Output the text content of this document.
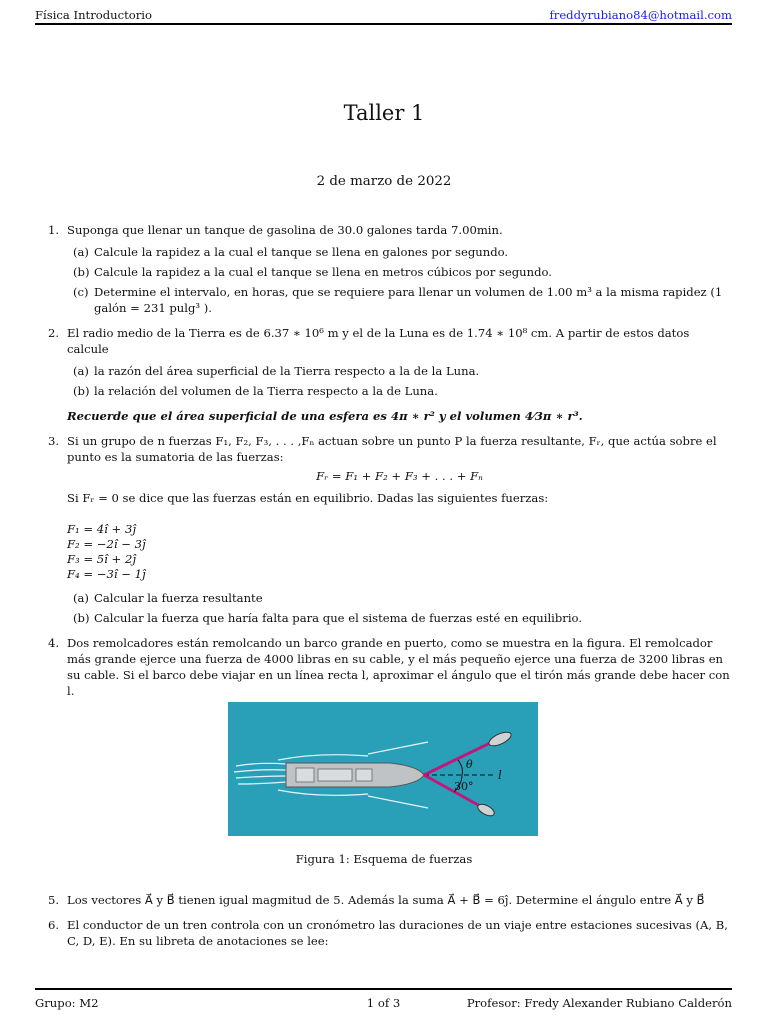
Física Introductorio	freddyrubiano84@hotmail.com
Taller 1
2 de marzo de 2022
1. Suponga que llenar un tanque de gasolina de 30.0 galones tarda 7.00min.
(a) Calcule la rapidez a la cual el tanque se llena en galones por segundo.
(b) Calcule la rapidez a la cual el tanque se llena en metros cúbicos por segundo.
(c) Determine el intervalo, en horas, que se requiere para llenar un volumen de 1.00 m³ a la misma rapidez (1 galón = 231 pulg³ ).
2. El radio medio de la Tierra es de 6.37 ∗ 10⁶ m y el de la Luna es de 1.74 ∗ 10⁸ cm. A partir de estos datos calcule
(a) la razón del área superficial de la Tierra respecto a la de la Luna.
(b) la relación del volumen de la Tierra respecto a la de Luna.
Recuerde que el área superficial de una esfera es 4π ∗ r² y el volumen 4⁄3π ∗ r³.
3. Si un grupo de n fuerzas F₁, F₂, F₃, . . . ,Fₙ actuan sobre un punto P la fuerza resultante, Fᵣ, que actúa sobre el punto es la sumatoria de las fuerzas:
Fᵣ = F₁ + F₂ + F₃ + . . . + Fₙ
Si Fᵣ = 0 se dice que las fuerzas están en equilibrio. Dadas las siguientes fuerzas:
F₁ = 4î + 3ĵ
F₂ = −2î − 3ĵ
F₃ = 5î + 2ĵ
F₄ = −3î − 1ĵ
(a) Calcular la fuerza resultante
(b) Calcular la fuerza que haría falta para que el sistema de fuerzas esté en equilibrio.
4. Dos remolcadores están remolcando un barco grande en puerto, como se muestra en la figura. El remolcador más grande ejerce una fuerza de 4000 libras en su cable, y el más pequeño ejerce una fuerza de 3200 libras en su cable. Si el barco debe viajar en un línea recta l, aproximar el ángulo que el tirón más grande debe hacer con l.
θ
30°
l
Figura 1: Esquema de fuerzas
5. Los vectores A⃗ y B⃗ tienen igual magmitud de 5. Además la suma A⃗ + B⃗ = 6ĵ. Determine el ángulo entre A⃗ y B⃗
6. El conductor de un tren controla con un cronómetro las duraciones de un viaje entre estaciones sucesivas (A, B, C, D, E). En su libreta de anotaciones se lee:
Grupo: M2	1 of 3	Profesor: Fredy Alexander Rubiano Calderón
